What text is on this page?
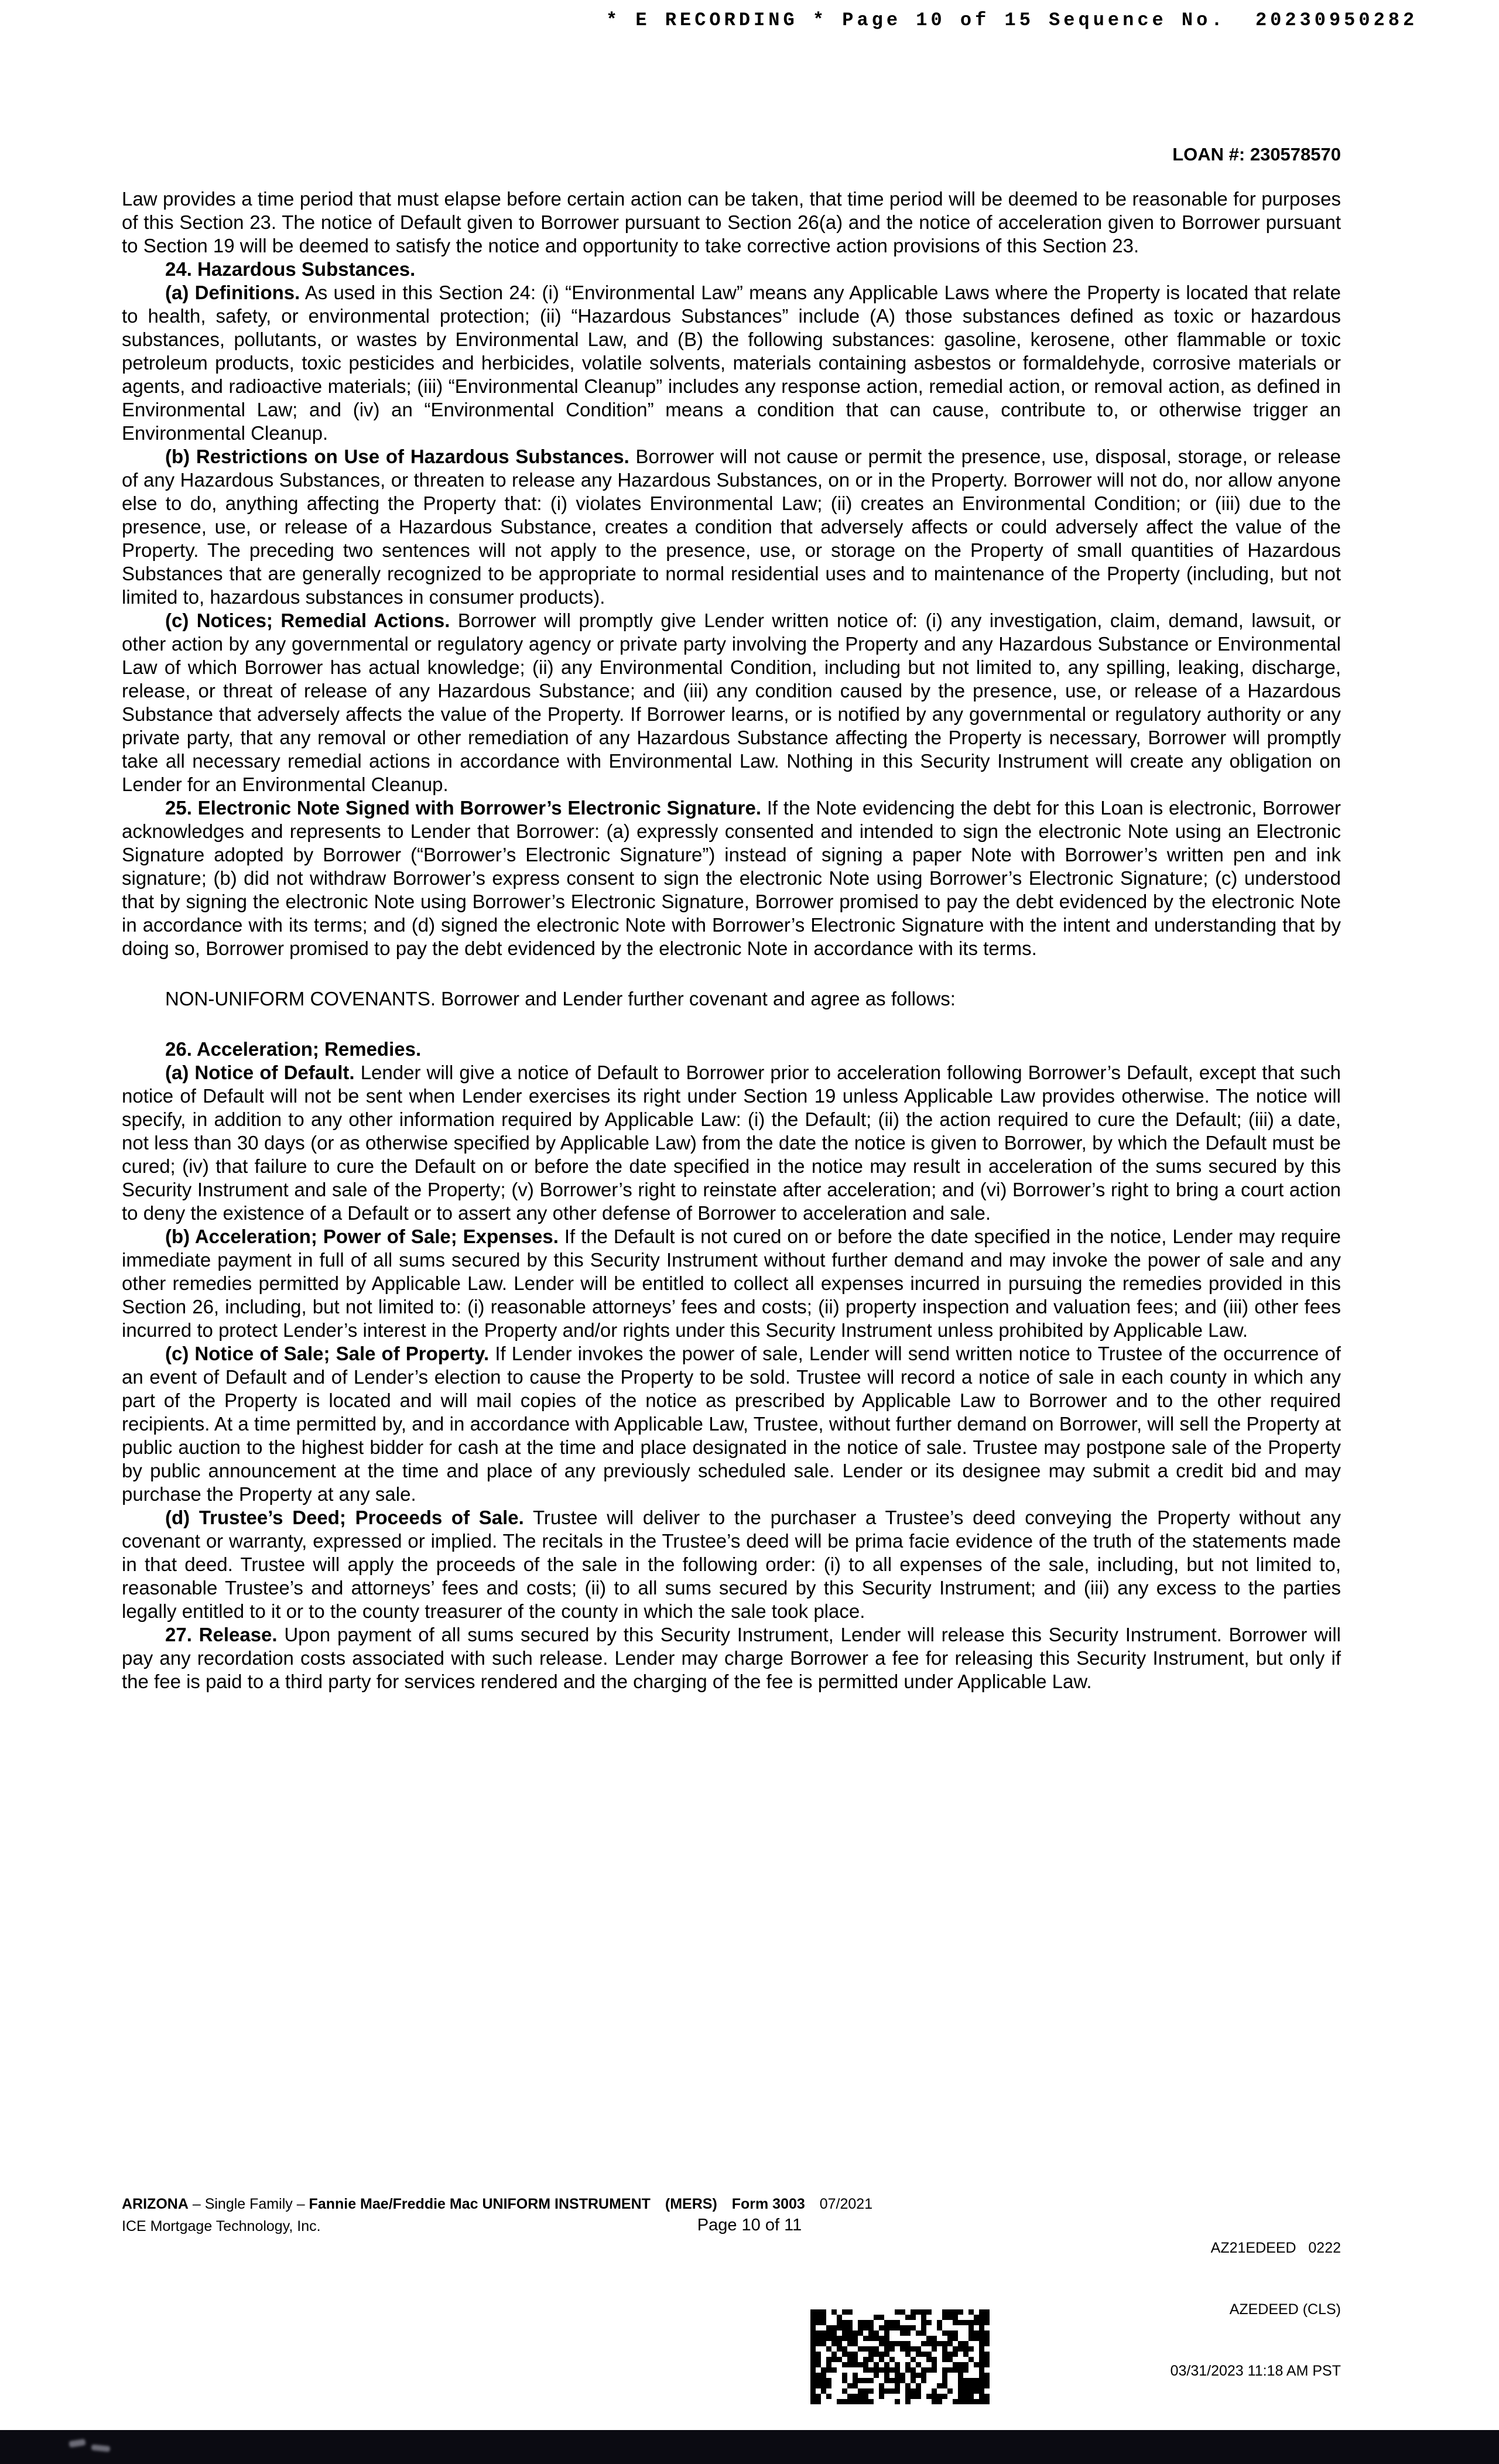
* E RECORDING * Page 10 of 15 Sequence No.  20230950282
LOAN #: 230578570

Law provides a time period that must elapse before certain action can be taken, that time period will be deemed to be reasonable for purposes of this Section 23. The notice of Default given to Borrower pursuant to Section 26(a) and the notice of acceleration given to Borrower pursuant to Section 19 will be deemed to satisfy the notice and opportunity to take corrective action provisions of this Section 23.

24. Hazardous Substances.

(a) Definitions. As used in this Section 24: (i) “Environmental Law” means any Applicable Laws where the Property is located that relate to health, safety, or environmental protection; (ii) “Hazardous Substances” include (A) those substances defined as toxic or hazardous substances, pollutants, or wastes by Environmental Law, and (B) the following substances: gasoline, kerosene, other flammable or toxic petroleum products, toxic pesticides and herbicides, volatile solvents, materials containing asbestos or formaldehyde, corrosive materials or agents, and radioactive materials; (iii) “Environmental Cleanup” includes any response action, remedial action, or removal action, as defined in Environmental Law; and (iv) an “Environmental Condition” means a condition that can cause, contribute to, or otherwise trigger an Environmental Cleanup.

(b) Restrictions on Use of Hazardous Substances. Borrower will not cause or permit the presence, use, disposal, storage, or release of any Hazardous Substances, or threaten to release any Hazardous Substances, on or in the Property. Borrower will not do, nor allow anyone else to do, anything affecting the Property that: (i) violates Environmental Law; (ii) creates an Environmental Condition; or (iii) due to the presence, use, or release of a Hazardous Substance, creates a condition that adversely affects or could adversely affect the value of the Property. The preceding two sentences will not apply to the presence, use, or storage on the Property of small quantities of Hazardous Substances that are generally recognized to be appropriate to normal residential uses and to maintenance of the Property (including, but not limited to, hazardous substances in consumer products).

(c) Notices; Remedial Actions. Borrower will promptly give Lender written notice of: (i) any investigation, claim, demand, lawsuit, or other action by any governmental or regulatory agency or private party involving the Property and any Hazardous Substance or Environmental Law of which Borrower has actual knowledge; (ii) any Environmental Condition, including but not limited to, any spilling, leaking, discharge, release, or threat of release of any Hazardous Substance; and (iii) any condition caused by the presence, use, or release of a Hazardous Substance that adversely affects the value of the Property. If Borrower learns, or is notified by any governmental or regulatory authority or any private party, that any removal or other remediation of any Hazardous Substance affecting the Property is necessary, Borrower will promptly take all necessary remedial actions in accordance with Environmental Law. Nothing in this Security Instrument will create any obligation on Lender for an Environmental Cleanup.

25. Electronic Note Signed with Borrower’s Electronic Signature. If the Note evidencing the debt for this Loan is electronic, Borrower acknowledges and represents to Lender that Borrower: (a) expressly consented and intended to sign the electronic Note using an Electronic Signature adopted by Borrower (“Borrower’s Electronic Signature”) instead of signing a paper Note with Borrower’s written pen and ink signature; (b) did not withdraw Borrower’s express consent to sign the electronic Note using Borrower’s Electronic Signature; (c) understood that by signing the electronic Note using Borrower’s Electronic Signature, Borrower promised to pay the debt evidenced by the electronic Note in accordance with its terms; and (d) signed the electronic Note with Borrower’s Electronic Signature with the intent and understanding that by doing so, Borrower promised to pay the debt evidenced by the electronic Note in accordance with its terms.

NON-UNIFORM COVENANTS. Borrower and Lender further covenant and agree as follows:

26. Acceleration; Remedies.

(a) Notice of Default. Lender will give a notice of Default to Borrower prior to acceleration following Borrower’s Default, except that such notice of Default will not be sent when Lender exercises its right under Section 19 unless Applicable Law provides otherwise. The notice will specify, in addition to any other information required by Applicable Law: (i) the Default; (ii) the action required to cure the Default; (iii) a date, not less than 30 days (or as otherwise specified by Applicable Law) from the date the notice is given to Borrower, by which the Default must be cured; (iv) that failure to cure the Default on or before the date specified in the notice may result in acceleration of the sums secured by this Security Instrument and sale of the Property; (v) Borrower’s right to reinstate after acceleration; and (vi) Borrower’s right to bring a court action to deny the existence of a Default or to assert any other defense of Borrower to acceleration and sale.

(b) Acceleration; Power of Sale; Expenses. If the Default is not cured on or before the date specified in the notice, Lender may require immediate payment in full of all sums secured by this Security Instrument without further demand and may invoke the power of sale and any other remedies permitted by Applicable Law. Lender will be entitled to collect all expenses incurred in pursuing the remedies provided in this Section 26, including, but not limited to: (i) reasonable attorneys’ fees and costs; (ii) property inspection and valuation fees; and (iii) other fees incurred to protect Lender’s interest in the Property and/or rights under this Security Instrument unless prohibited by Applicable Law.

(c) Notice of Sale; Sale of Property. If Lender invokes the power of sale, Lender will send written notice to Trustee of the occurrence of an event of Default and of Lender’s election to cause the Property to be sold. Trustee will record a notice of sale in each county in which any part of the Property is located and will mail copies of the notice as prescribed by Applicable Law to Borrower and to the other required recipients. At a time permitted by, and in accordance with Applicable Law, Trustee, without further demand on Borrower, will sell the Property at public auction to the highest bidder for cash at the time and place designated in the notice of sale. Trustee may postpone sale of the Property by public announcement at the time and place of any previously scheduled sale. Lender or its designee may submit a credit bid and may purchase the Property at any sale.

(d) Trustee’s Deed; Proceeds of Sale. Trustee will deliver to the purchaser a Trustee’s deed conveying the Property without any covenant or warranty, expressed or implied. The recitals in the Trustee’s deed will be prima facie evidence of the truth of the statements made in that deed. Trustee will apply the proceeds of the sale in the following order: (i) to all expenses of the sale, including, but not limited to, reasonable Trustee’s and attorneys’ fees and costs; (ii) to all sums secured by this Security Instrument; and (iii) any excess to the parties legally entitled to it or to the county treasurer of the county in which the sale took place.

27. Release. Upon payment of all sums secured by this Security Instrument, Lender will release this Security Instrument. Borrower will pay any recordation costs associated with such release. Lender may charge Borrower a fee for releasing this Security Instrument, but only if the fee is paid to a third party for services rendered and the charging of the fee is permitted under Applicable Law.

ARIZONA – Single Family – Fannie Mae/Freddie Mac UNIFORM INSTRUMENT (MERS) Form 3003 07/2021
ICE Mortgage Technology, Inc.	Page 10 of 11

AZ21EDEED   0222

AZEDEED (CLS)

03/31/2023 11:18 AM PST
